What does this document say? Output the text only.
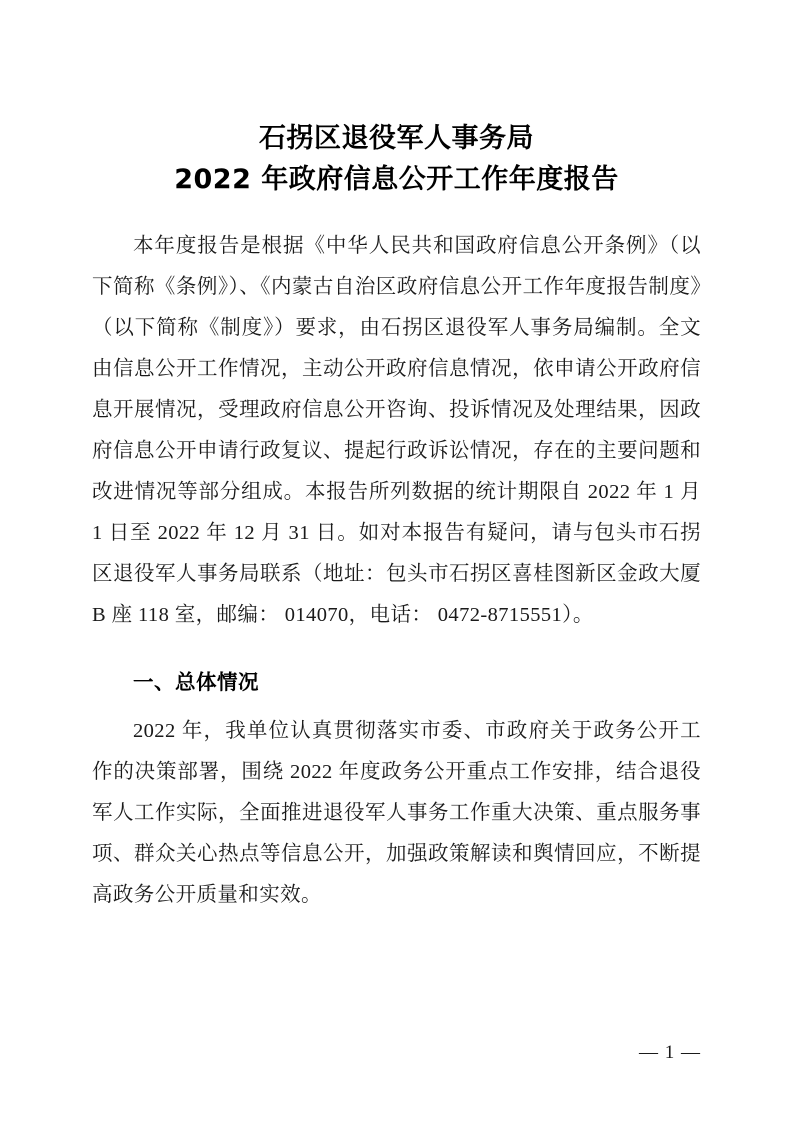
石拐区退役军人事务局
2022 年政府信息公开工作年度报告

本年度报告是根据《中华人民共和国政府信息公开条例》（以下简称《条例》）、《内蒙古自治区政府信息公开工作年度报告制度》（以下简称《制度》）要求，由石拐区退役军人事务局编制。全文由信息公开工作情况，主动公开政府信息情况，依申请公开政府信息开展情况，受理政府信息公开咨询、投诉情况及处理结果，因政府信息公开申请行政复议、提起行政诉讼情况，存在的主要问题和改进情况等部分组成。本报告所列数据的统计期限自 2022 年 1 月 1 日至 2022 年 12 月 31 日。如对本报告有疑问，请与包头市石拐区退役军人事务局联系（地址：包头市石拐区喜桂图新区金政大厦 B 座 118 室，邮编： 014070，电话： 0472-8715551）。

一、总体情况

2022 年，我单位认真贯彻落实市委、市政府关于政务公开工作的决策部署，围绕 2022 年度政务公开重点工作安排，结合退役军人工作实际，全面推进退役军人事务工作重大决策、重点服务事项、群众关心热点等信息公开，加强政策解读和舆情回应，不断提高政务公开质量和实效。

— 1 —
